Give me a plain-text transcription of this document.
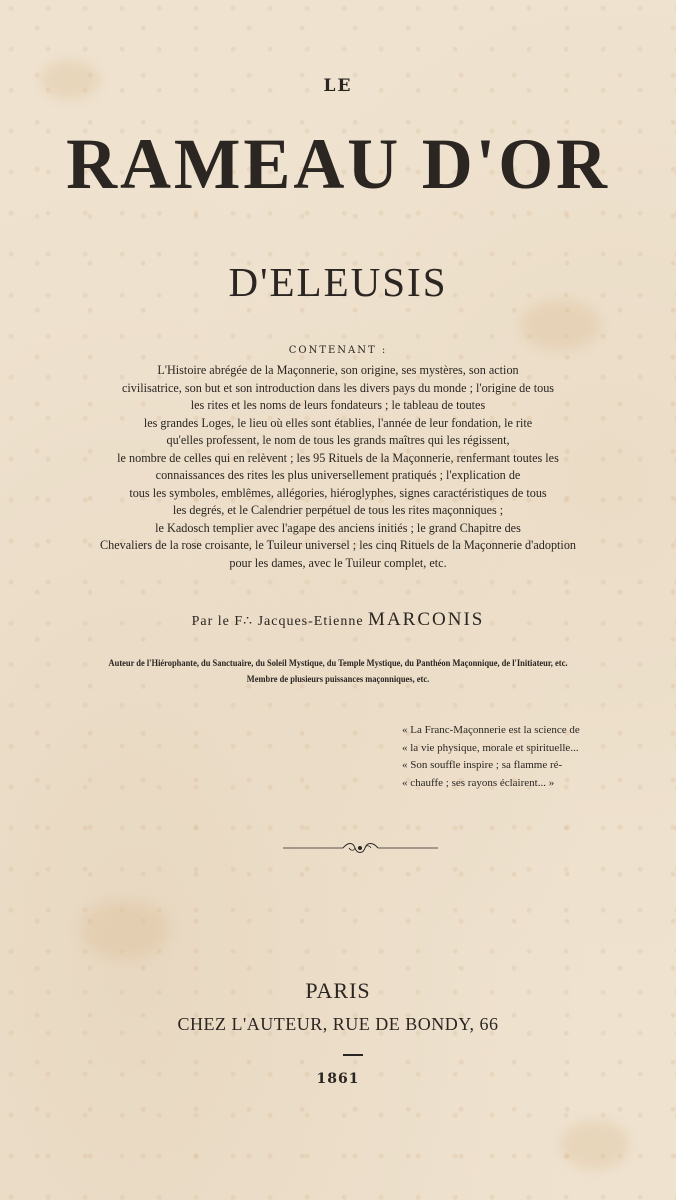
LE
RAMEAU D'OR
D'ELEUSIS
CONTENANT :
L'Histoire abrégée de la Maçonnerie, son origine, ses mystères, son action
civilisatrice, son but et son introduction dans les divers pays du monde ; l'origine de tous
les rites et les noms de leurs fondateurs ; le tableau de toutes
les grandes Loges, le lieu où elles sont établies, l'année de leur fondation, le rite
qu'elles professent, le nom de tous les grands maîtres qui les régissent,
le nombre de celles qui en relèvent ; les 95 Rituels de la Maçonnerie, renfermant toutes les
connaissances des rites les plus universellement pratiqués ; l'explication de
tous les symboles, emblêmes, allégories, hiéroglyphes, signes caractéristiques de tous
les degrés, et le Calendrier perpétuel de tous les rites maçonniques ;
le Kadosch templier avec l'agape des anciens initiés ; le grand Chapitre des
Chevaliers de la rose croisante, le Tuileur universel ; les cinq Rituels de la Maçonnerie d'adoption
pour les dames, avec le Tuileur complet, etc.
Par le F∴ Jacques-Etienne MARCONIS
Auteur de l'Hiérophante, du Sanctuaire, du Soleil Mystique, du Temple Mystique, du Panthéon Maçonnique, de l'Initiateur, etc.
Membre de plusieurs puissances maçonniques, etc.
« La Franc-Maçonnerie est la science de
« la vie physique, morale et spirituelle...
« Son souffle inspire ; sa flamme ré-
« chauffe ; ses rayons éclairent... »
PARIS
CHEZ L'AUTEUR, RUE DE BONDY, 66
1861
